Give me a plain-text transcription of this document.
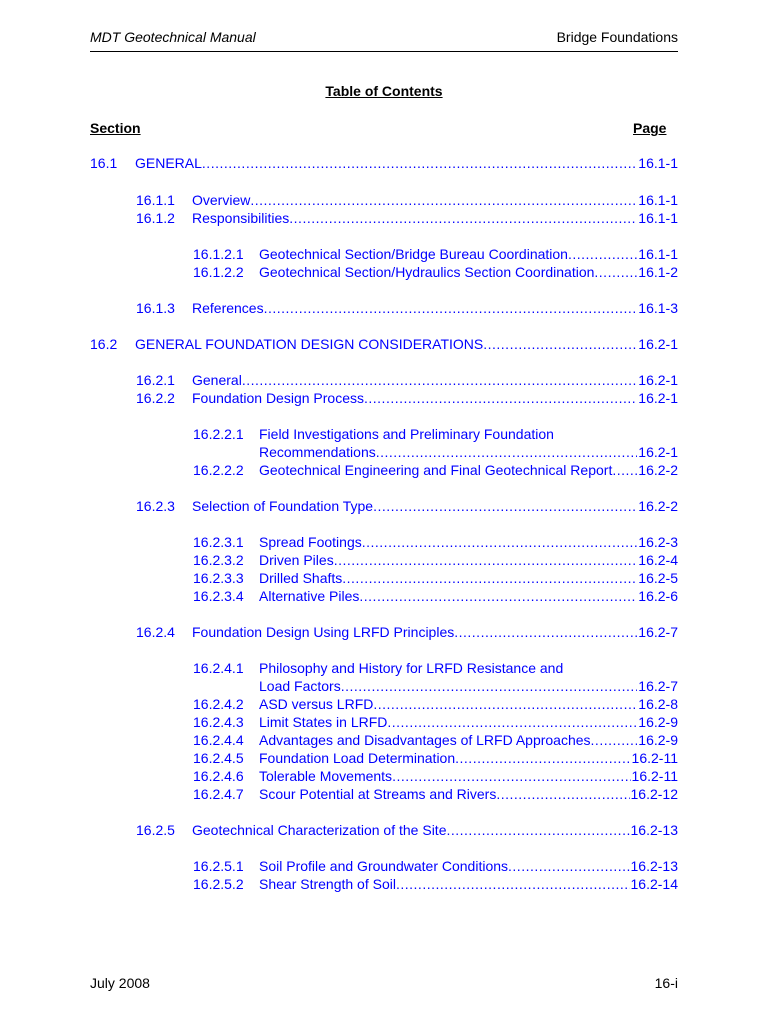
MDT Geotechnical Manual	Bridge Foundations
Table of Contents
Section	Page
16.1 GENERAL .....	16.1-1
16.1.1 Overview .....	16.1-1
16.1.2 Responsibilities .....	16.1-1
16.1.2.1 Geotechnical Section/Bridge Bureau Coordination .....	16.1-1
16.1.2.2 Geotechnical Section/Hydraulics Section Coordination .....	16.1-2
16.1.3 References .....	16.1-3
16.2 GENERAL FOUNDATION DESIGN CONSIDERATIONS .....	16.2-1
16.2.1 General .....	16.2-1
16.2.2 Foundation Design Process .....	16.2-1
16.2.2.1 Field Investigations and Preliminary Foundation
Recommendations .....	16.2-1
16.2.2.2 Geotechnical Engineering and Final Geotechnical Report ..... 16.2-2
16.2.3 Selection of Foundation Type .....	16.2-2
16.2.3.1 Spread Footings .....	16.2-3
16.2.3.2 Driven Piles .....	16.2-4
16.2.3.3 Drilled Shafts .....	16.2-5
16.2.3.4 Alternative Piles .....	16.2-6
16.2.4 Foundation Design Using LRFD Principles .....	16.2-7
16.2.4.1 Philosophy and History for LRFD Resistance and
Load Factors .....	16.2-7
16.2.4.2 ASD versus LRFD .....	16.2-8
16.2.4.3 Limit States in LRFD .....	16.2-9
16.2.4.4 Advantages and Disadvantages of LRFD Approaches .....	16.2-9
16.2.4.5 Foundation Load Determination .....	16.2-11
16.2.4.6 Tolerable Movements .....	16.2-11
16.2.4.7 Scour Potential at Streams and Rivers .....	16.2-12
16.2.5 Geotechnical Characterization of the Site .....	16.2-13
16.2.5.1 Soil Profile and Groundwater Conditions .....	16.2-13
16.2.5.2 Shear Strength of Soil .....	16.2-14
July 2008	16-i
